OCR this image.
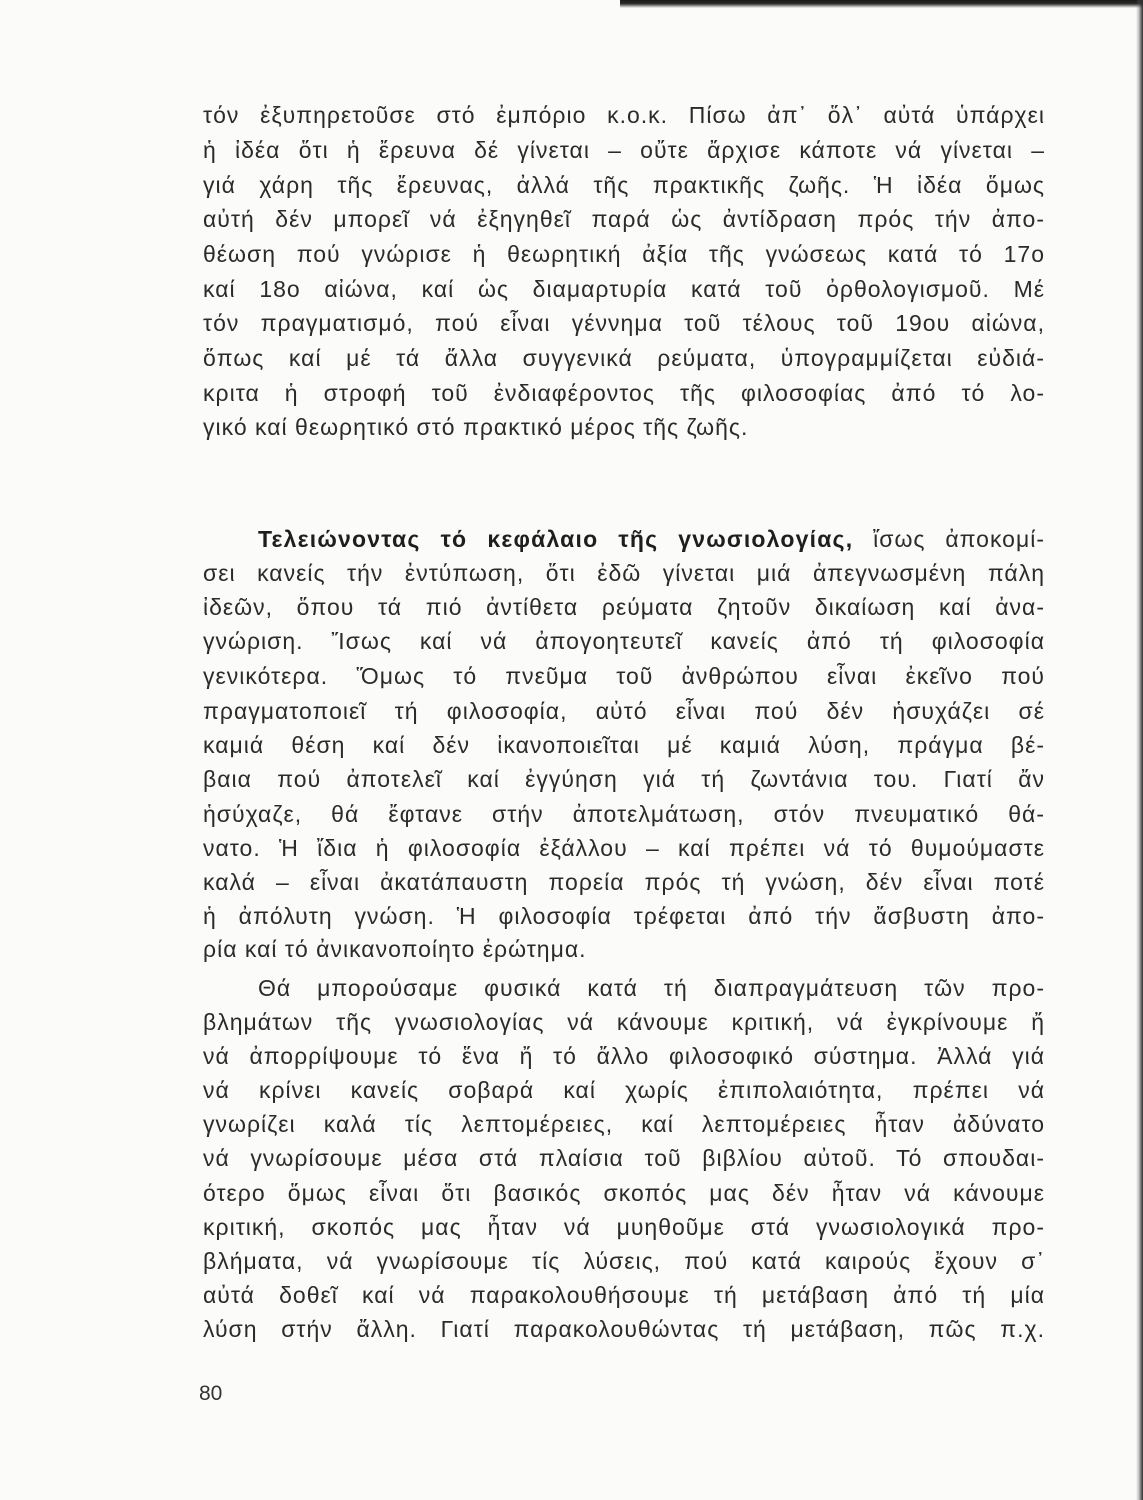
τόν ἐξυπηρετοῦσε στό ἐμπόριο κ.ο.κ. Πίσω ἀπ᾽ ὅλ᾽ αὐτά ὑπάρχει
ἡ ἰδέα ὅτι ἡ ἔρευνα δέ γίνεται – οὔτε ἄρχισε κάποτε νά γίνεται –
γιά χάρη τῆς ἔρευνας, ἀλλά τῆς πρακτικῆς ζωῆς. Ἡ ἰδέα ὅμως
αὐτή δέν μπορεῖ νά ἐξηγηθεῖ παρά ὡς ἀντίδραση πρός τήν ἀπο-
θέωση πού γνώρισε ἡ θεωρητική ἀξία τῆς γνώσεως κατά τό 17ο
καί 18ο αἰώνα, καί ὡς διαμαρτυρία κατά τοῦ ὀρθολογισμοῦ. Μέ
τόν πραγματισμό, πού εἶναι γέννημα τοῦ τέλους τοῦ 19ου αἰώνα,
ὅπως καί μέ τά ἄλλα συγγενικά ρεύματα, ὑπογραμμίζεται εὐδιά-
κριτα ἡ στροφή τοῦ ἐνδιαφέροντος τῆς φιλοσοφίας ἀπό τό λο-
γικό καί θεωρητικό στό πρακτικό μέρος τῆς ζωῆς.
Τελειώνοντας τό κεφάλαιο τῆς γνωσιολογίας, ἴσως ἀποκομί-
σει κανείς τήν ἐντύπωση, ὅτι ἐδῶ γίνεται μιά ἀπεγνωσμένη πάλη
ἰδεῶν, ὅπου τά πιό ἀντίθετα ρεύματα ζητοῦν δικαίωση καί ἀνα-
γνώριση. Ἴσως καί νά ἀπογοητευτεῖ κανείς ἀπό τή φιλοσοφία
γενικότερα. Ὅμως τό πνεῦμα τοῦ ἀνθρώπου εἶναι ἐκεῖνο πού
πραγματοποιεῖ τή φιλοσοφία, αὐτό εἶναι πού δέν ἡσυχάζει σέ
καμιά θέση καί δέν ἱκανοποιεῖται μέ καμιά λύση, πράγμα βέ-
βαια πού ἀποτελεῖ καί ἐγγύηση γιά τή ζωντάνια του. Γιατί ἄν
ἡσύχαζε, θά ἔφτανε στήν ἀποτελμάτωση, στόν πνευματικό θά-
νατο. Ἡ ἴδια ἡ φιλοσοφία ἐξάλλου – καί πρέπει νά τό θυμούμαστε
καλά – εἶναι ἀκατάπαυστη πορεία πρός τή γνώση, δέν εἶναι ποτέ
ἡ ἀπόλυτη γνώση. Ἡ φιλοσοφία τρέφεται ἀπό τήν ἄσβυστη ἀπο-
ρία καί τό ἀνικανοποίητο ἐρώτημα.
Θά μπορούσαμε φυσικά κατά τή διαπραγμάτευση τῶν προ-
βλημάτων τῆς γνωσιολογίας νά κάνουμε κριτική, νά ἐγκρίνουμε ἤ
νά ἀπορρίψουμε τό ἕνα ἤ τό ἄλλο φιλοσοφικό σύστημα. Ἀλλά γιά
νά κρίνει κανείς σοβαρά καί χωρίς ἐπιπολαιότητα, πρέπει νά
γνωρίζει καλά τίς λεπτομέρειες, καί λεπτομέρειες ἦταν ἀδύνατο
νά γνωρίσουμε μέσα στά πλαίσια τοῦ βιβλίου αὐτοῦ. Τό σπουδαι-
ότερο ὅμως εἶναι ὅτι βασικός σκοπός μας δέν ἦταν νά κάνουμε
κριτική, σκοπός μας ἦταν νά μυηθοῦμε στά γνωσιολογικά προ-
βλήματα, νά γνωρίσουμε τίς λύσεις, πού κατά καιρούς ἔχουν σ᾽
αὐτά δοθεῖ καί νά παρακολουθήσουμε τή μετάβαση ἀπό τή μία
λύση στήν ἄλλη. Γιατί παρακολουθώντας τή μετάβαση, πῶς π.χ.
80
